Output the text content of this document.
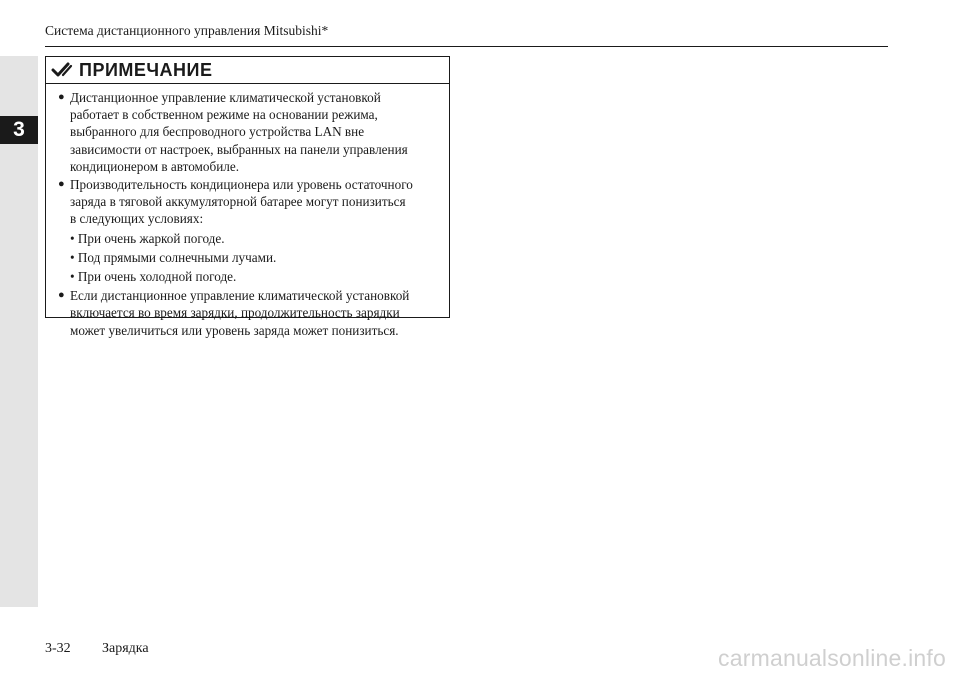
3
Система дистанционного управления Mitsubishi*
ПРИМЕЧАНИЕ
● Дистанционное управление климатической установкой
работает в собственном режиме на основании режима,
выбранного для беспроводного устройства LAN вне
зависимости от настроек, выбранных на панели управления
кондиционером в автомобиле.
● Производительность кондиционера или уровень остаточного
заряда в тяговой аккумуляторной батарее могут понизиться
в следующих условиях:
• При очень жаркой погоде.
• Под прямыми солнечными лучами.
• При очень холодной погоде.
● Если дистанционное управление климатической установкой
включается во время зарядки, продолжительность зарядки
может увеличиться или уровень заряда может понизиться.
3-32 Зарядка	carmanualsonline.info
